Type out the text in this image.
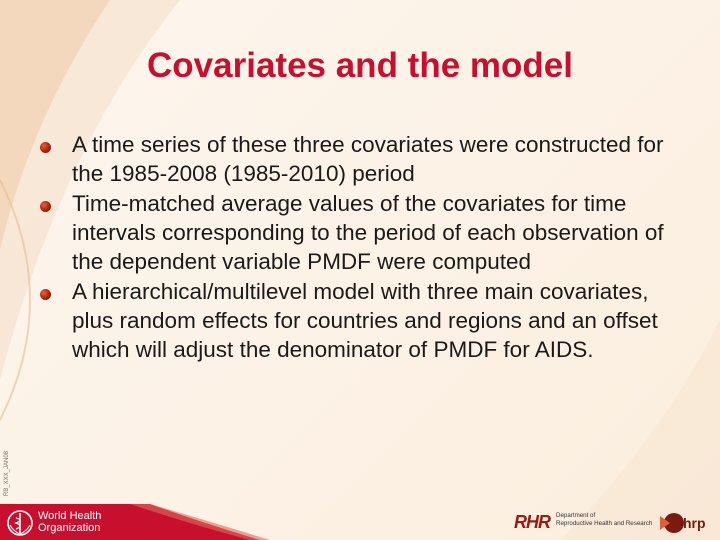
Covariates and the model
A time series of these three covariates were constructed for the 1985-2008 (1985-2010) period
Time-matched average values of the covariates for time intervals corresponding to the period of each observation of the dependent variable PMDF were computed
A hierarchical/multilevel model with three main covariates, plus random effects for countries and regions and an offset which will adjust the denominator of PMDF for AIDS.
RB_XXX_JAN08
World Health
Organization	RHR Department of
Reproductive Health and Research hrp
